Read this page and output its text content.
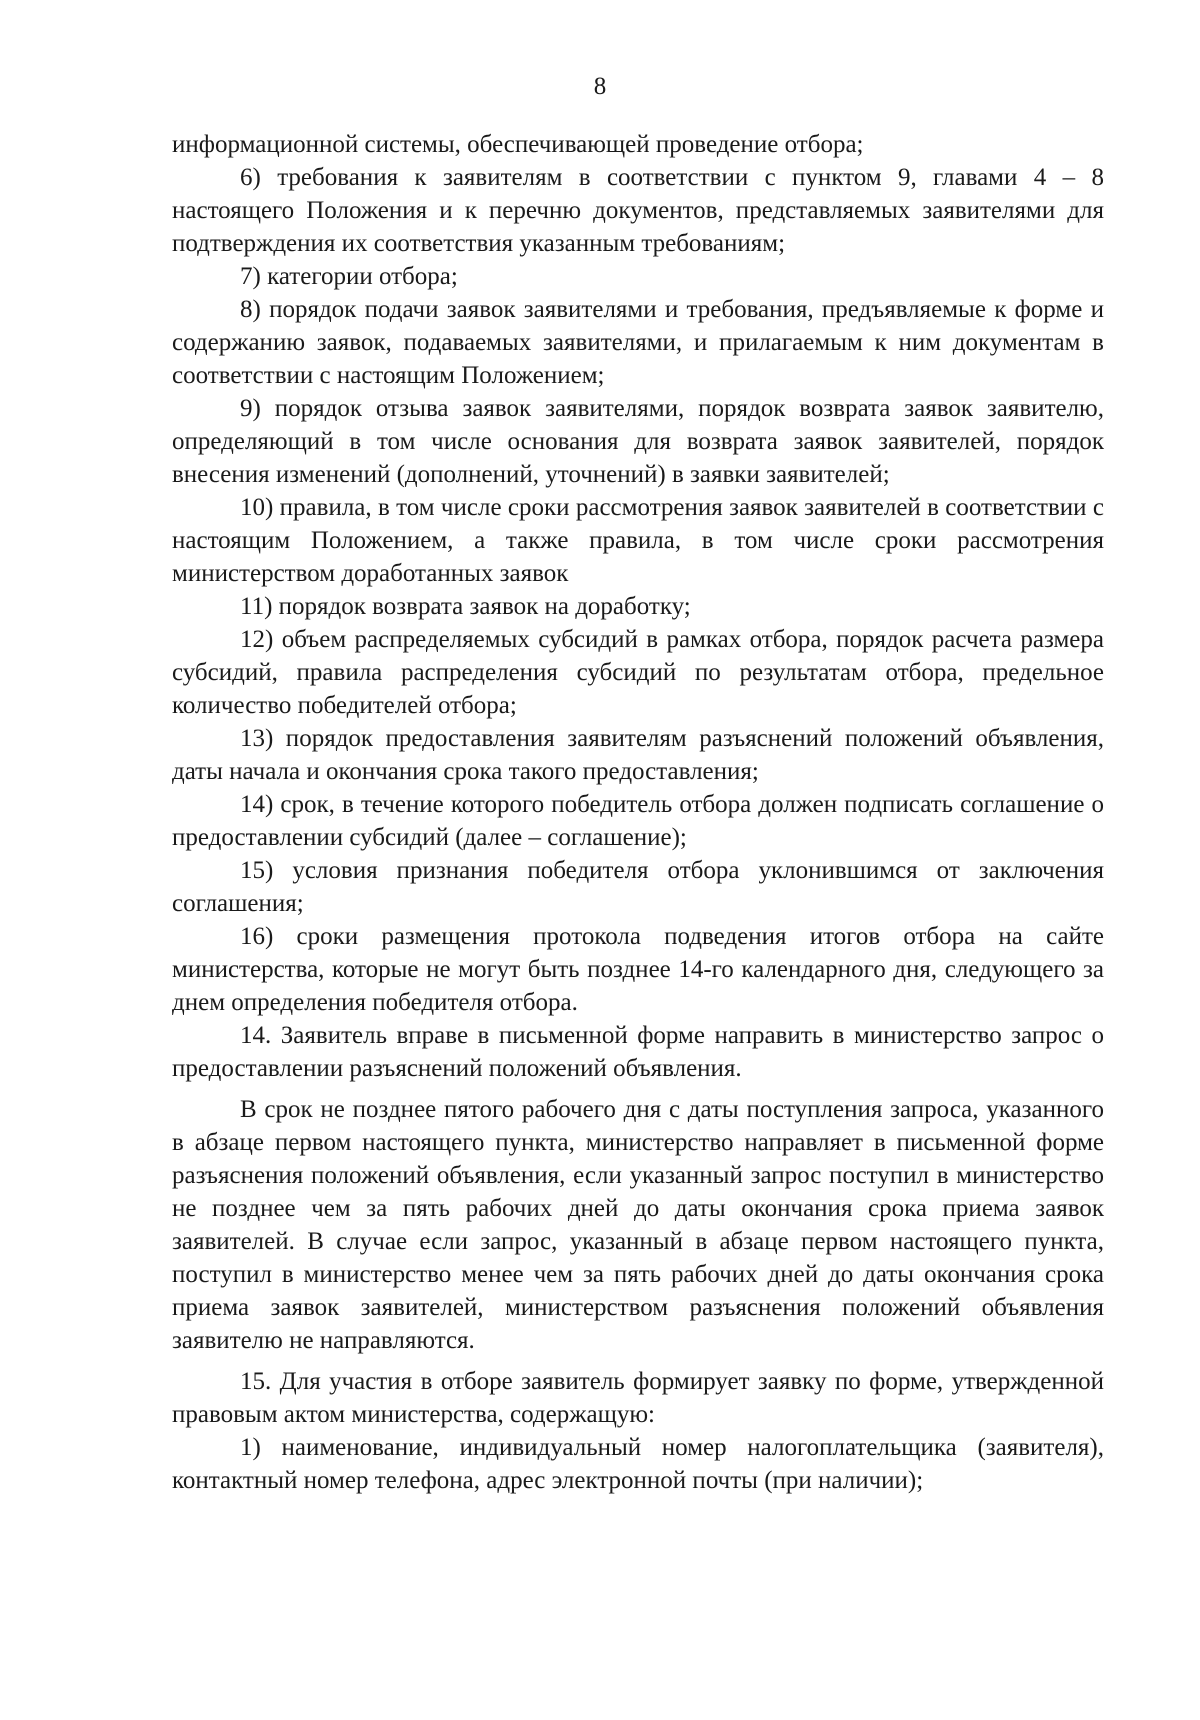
8

информационной системы, обеспечивающей проведение отбора;

6) требования к заявителям в соответствии с пунктом 9, главами 4 – 8 настоящего Положения и к перечню документов, представляемых заявителями для подтверждения их соответствия указанным требованиям;

7) категории отбора;

8) порядок подачи заявок заявителями и требования, предъявляемые к форме и содержанию заявок, подаваемых заявителями, и прилагаемым к ним документам в соответствии с настоящим Положением;

9) порядок отзыва заявок заявителями, порядок возврата заявок заявителю, определяющий в том числе основания для возврата заявок заявителей, порядок внесения изменений (дополнений, уточнений) в заявки заявителей;

10) правила, в том числе сроки рассмотрения заявок заявителей в соответствии с настоящим Положением, а также правила, в том числе сроки рассмотрения министерством доработанных заявок

11) порядок возврата заявок на доработку;

12) объем распределяемых субсидий в рамках отбора, порядок расчета размера субсидий, правила распределения субсидий по результатам отбора, предельное количество победителей отбора;

13) порядок предоставления заявителям разъяснений положений объявления, даты начала и окончания срока такого предоставления;

14) срок, в течение которого победитель отбора должен подписать соглашение о предоставлении субсидий (далее – соглашение);

15) условия признания победителя отбора уклонившимся от заключения соглашения;

16) сроки размещения протокола подведения итогов отбора на сайте министерства, которые не могут быть позднее 14-го календарного дня, следующего за днем определения победителя отбора.

14. Заявитель вправе в письменной форме направить в министерство запрос о предоставлении разъяснений положений объявления.

В срок не позднее пятого рабочего дня с даты поступления запроса, указанного в абзаце первом настоящего пункта, министерство направляет в письменной форме разъяснения положений объявления, если указанный запрос поступил в министерство не позднее чем за пять рабочих дней до даты окончания срока приема заявок заявителей. В случае если запрос, указанный в абзаце первом настоящего пункта, поступил в министерство менее чем за пять рабочих дней до даты окончания срока приема заявок заявителей, министерством разъяснения положений объявления заявителю не направляются.

15. Для участия в отборе заявитель формирует заявку по форме, утвержденной правовым актом министерства, содержащую:

1) наименование, индивидуальный номер налогоплательщика (заявителя), контактный номер телефона, адрес электронной почты (при наличии);
